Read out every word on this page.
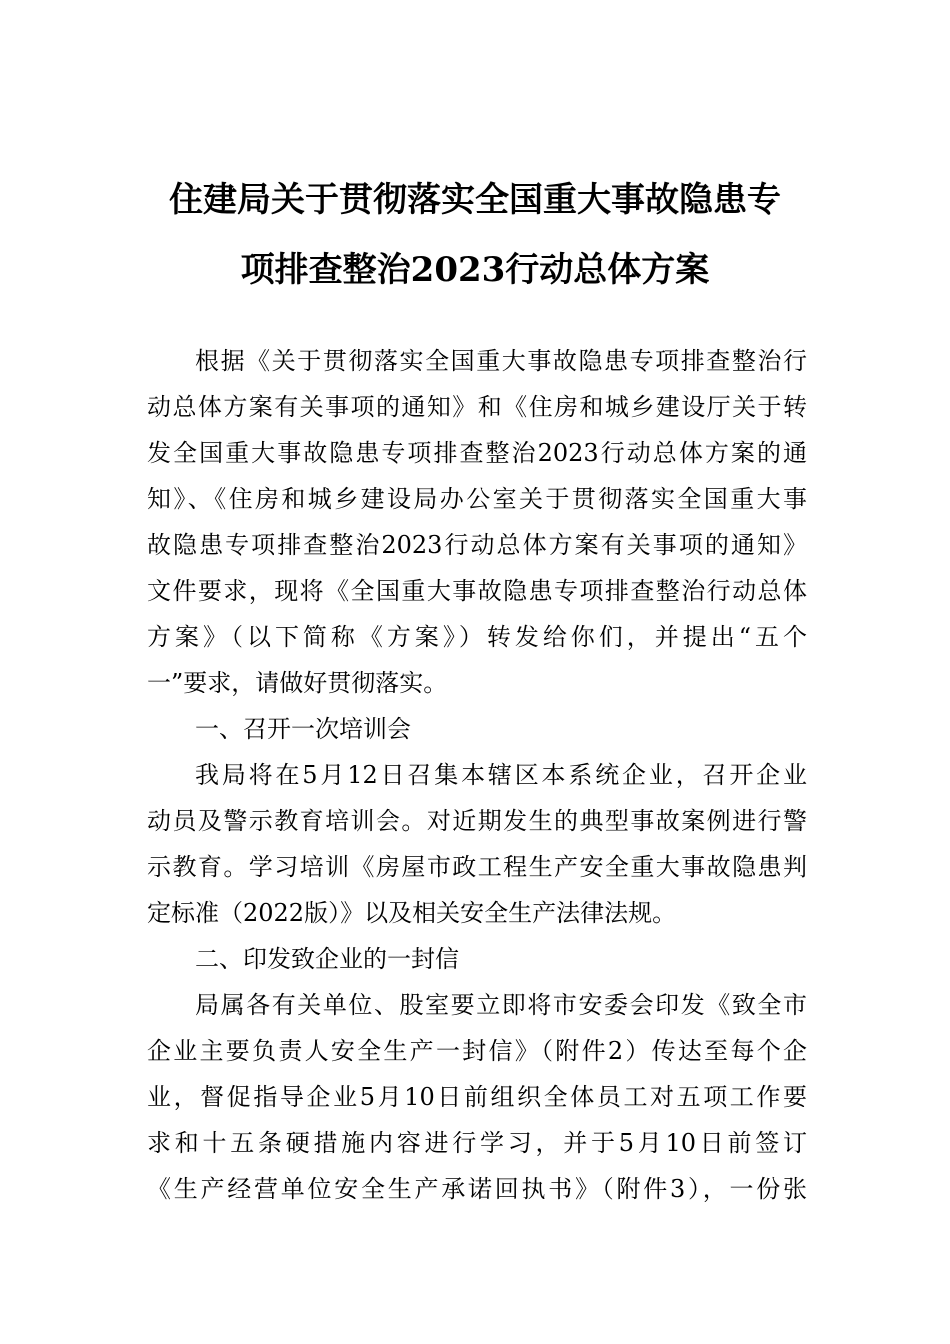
住建局关于贯彻落实全国重大事故隐患专
项排查整治2023行动总体方案
根据《关于贯彻落实全国重大事故隐患专项排查整治行
动总体方案有关事项的通知》和《住房和城乡建设厅关于转
发全国重大事故隐患专项排查整治2023行动总体方案的通
知》、《住房和城乡建设局办公室关于贯彻落实全国重大事
故隐患专项排查整治2023行动总体方案有关事项的通知》
文件要求，现将《全国重大事故隐患专项排查整治行动总体
方案》（以下简称《方案》）转发给你们，并提出“五个
一”要求，请做好贯彻落实。
一、召开一次培训会
我局将在5月12日召集本辖区本系统企业，召开企业
动员及警示教育培训会。对近期发生的典型事故案例进行警
示教育。学习培训《房屋市政工程生产安全重大事故隐患判
定标准（2022版）》以及相关安全生产法律法规。
二、印发致企业的一封信
局属各有关单位、股室要立即将市安委会印发《致全市
企业主要负责人安全生产一封信》（附件2）传达至每个企
业，督促指导企业5月10日前组织全体员工对五项工作要
求和十五条硬措施内容进行学习，并于5月10日前签订
《生产经营单位安全生产承诺回执书》（附件3），一份张
